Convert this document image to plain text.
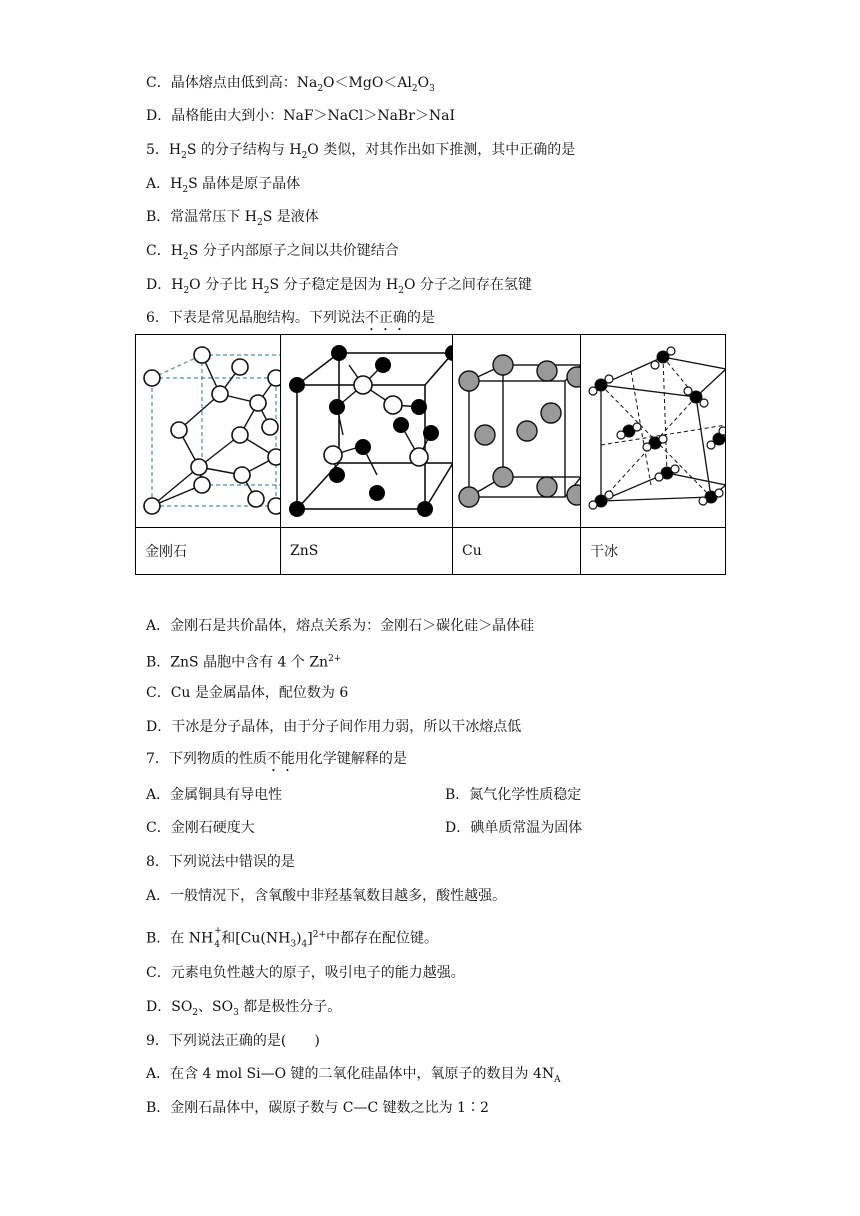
C．晶体熔点由低到高：$Na_2O<MgO<Al_2O_3$
D．晶格能由大到小：NaF＞NaCl＞NaBr＞NaI
5．$H_2S$ 的分子结构与 $H_2O$ 类似，对其作出如下推测，其中正确的是
A．$H_2S$ 晶体是原子晶体
B．常温常压下 $H_2S$ 是液体
C．$H_2S$ 分子内部原子之间以共价键结合
D．$H_2O$ 分子比 $H_2S$ 分子稳定是因为 $H_2O$ 分子之间存在氢键
6．下表是常见晶胞结构。下列说法不正确的是

金刚石	ZnS	Cu	干冰
A．金刚石是共价晶体，熔点关系为：金刚石＞碳化硅＞晶体硅
B．ZnS 晶胞中含有 4 个 $Zn^{2+}$
C．Cu 是金属晶体，配位数为 6
D．干冰是分子晶体，由于分子间作用力弱，所以干冰熔点低
7．下列物质的性质不能用化学键解释的是
A．金属铜具有导电性	B．氮气化学性质稳定
C．金刚石硬度大	D．碘单质常温为固体
8．下列说法中错误的是
A．一般情况下，含氧酸中非羟基氧数目越多，酸性越强。
B．在 NH +
4 和$[Cu(NH_3)_4]^{2+}$中都存在配位键。
C．元素电负性越大的原子，吸引电子的能力越强。
D．$SO_2$、$SO_3$ 都是极性分子。
9．下列说法正确的是(　　)
A．在含 4 mol Si—O 键的二氧化硅晶体中，氧原子的数目为 $4N_A$
B．金刚石晶体中，碳原子数与 C—C 键数之比为 1∶2
